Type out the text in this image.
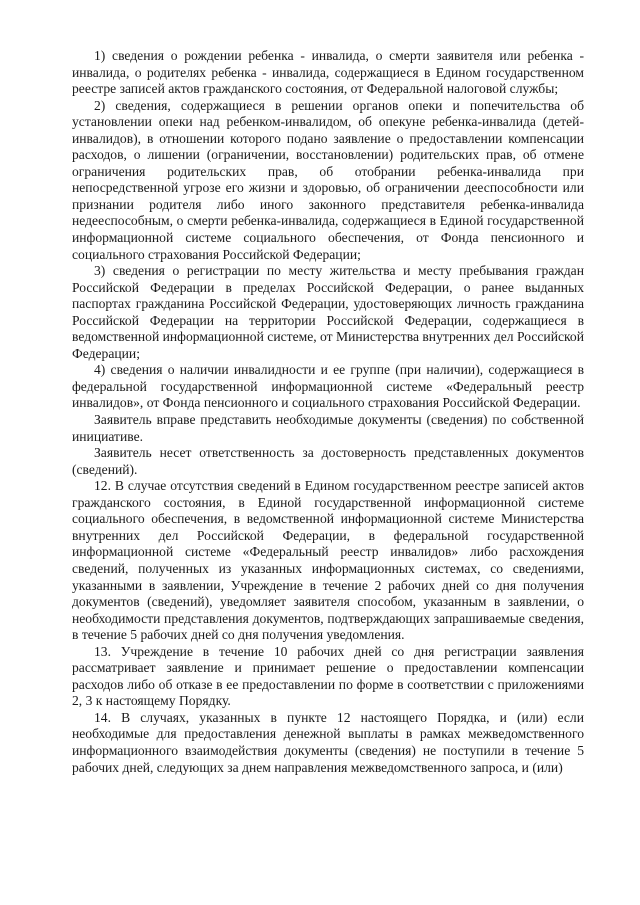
1) сведения о рождении ребенка - инвалида, о смерти заявителя или ребенка - инвалида, о родителях ребенка - инвалида, содержащиеся в Едином государственном реестре записей актов гражданского состояния, от Федеральной налоговой службы;

2) сведения, содержащиеся в решении органов опеки и попечительства об установлении опеки над ребенком-инвалидом, об опекуне ребенка-инвалида (детей-инвалидов), в отношении которого подано заявление о предоставлении компенсации расходов, о лишении (ограничении, восстановлении) родительских прав, об отмене ограничения родительских прав, об отобрании ребенка-инвалида при непосредственной угрозе его жизни и здоровью, об ограничении дееспособности или признании родителя либо иного законного представителя ребенка-инвалида недееспособным, о смерти ребенка-инвалида, содержащиеся в Единой государственной информационной системе социального обеспечения, от Фонда пенсионного и социального страхования Российской Федерации;

3) сведения о регистрации по месту жительства и месту пребывания граждан Российской Федерации в пределах Российской Федерации, о ранее выданных паспортах гражданина Российской Федерации, удостоверяющих личность гражданина Российской Федерации на территории Российской Федерации, содержащиеся в ведомственной информационной системе, от Министерства внутренних дел Российской Федерации;

4) сведения о наличии инвалидности и ее группе (при наличии), содержащиеся в федеральной государственной информационной системе «Федеральный реестр инвалидов», от Фонда пенсионного и социального страхования Российской Федерации.

Заявитель вправе представить необходимые документы (сведения) по собственной инициативе.

Заявитель несет ответственность за достоверность представленных документов (сведений).

12. В случае отсутствия сведений в Едином государственном реестре записей актов гражданского состояния, в Единой государственной информационной системе социального обеспечения, в ведомственной информационной системе Министерства внутренних дел Российской Федерации, в федеральной государственной информационной системе «Федеральный реестр инвалидов» либо расхождения сведений, полученных из указанных информационных системах, со сведениями, указанными в заявлении, Учреждение в течение 2 рабочих дней со дня получения документов (сведений), уведомляет заявителя способом, указанным в заявлении, о необходимости представления документов, подтверждающих запрашиваемые сведения, в течение 5 рабочих дней со дня получения уведомления.

13. Учреждение в течение 10 рабочих дней со дня регистрации заявления рассматривает заявление и принимает решение о предоставлении компенсации расходов либо об отказе в ее предоставлении по форме в соответствии с приложениями 2, 3 к настоящему Порядку.

14. В случаях, указанных в пункте 12 настоящего Порядка, и (или) если необходимые для предоставления денежной выплаты в рамках межведомственного информационного взаимодействия документы (сведения) не поступили в течение 5 рабочих дней, следующих за днем направления межведомственного запроса, и (или)
